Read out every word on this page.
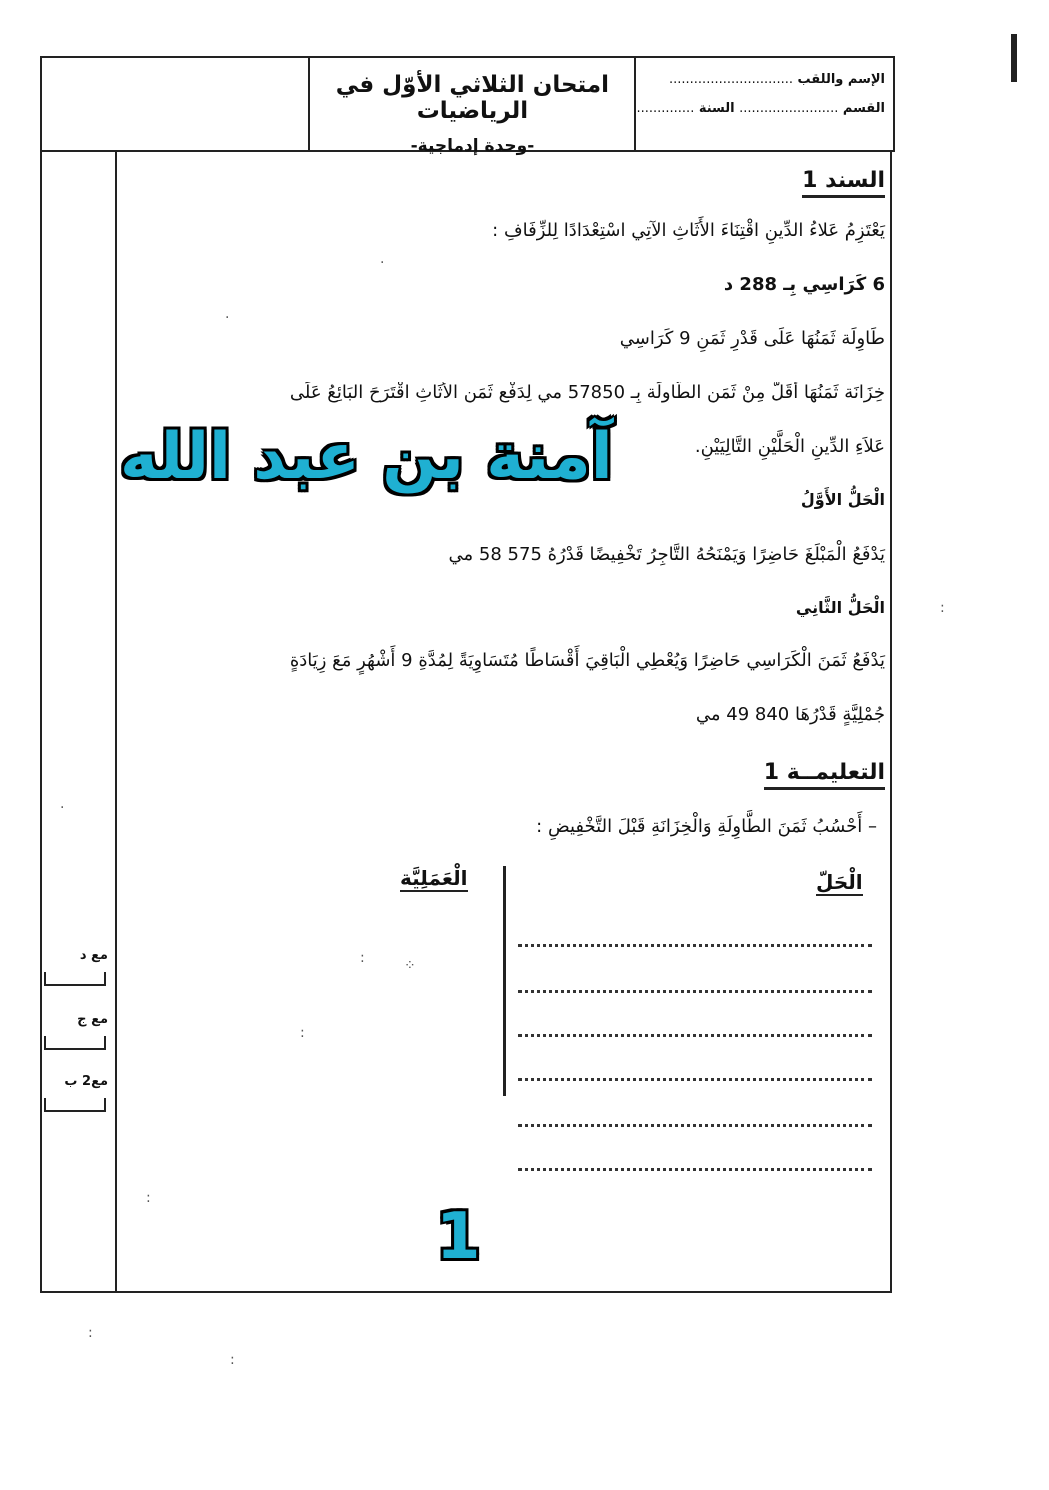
امتحان الثلاثي الأوّل في الرياضيات
-وحدة إدماجية-
الإسم واللقب ..............................
القسم ........................ السنة ..............
السند 1
يَعْتَزِمُ عَلاءُ الدِّينِ اقْتِنَاءَ الأَثَاثِ الآتِي اسْتِعْدَادًا لِلزِّفَافِ :
6 كَرَاسِي بِـ 288 د
طَاوِلَة ثَمَنُهَا عَلَى قَدْرِ ثَمَنِ 9 كَرَاسِي
خِزَانَة ثَمَنُهَا أَقَلُّ مِنْ ثَمَنِ الطَّاوِلَة بِـ 57850 مي لِدَفْعِ ثَمَنِ الأَثَاثِ اقْتَرَحَ البَائِعُ عَلَى
عَلاَءِ الدِّينِ الْحَلَّيْنِ التَّالِيَيْنِ.
الْحَلُّ الأَوَّلُ
يَدْفَعُ الْمَبْلَغَ حَاضِرًا وَيَمْنَحُهُ التَّاجِرُ تَخْفِيضًا قَدْرُهُ 575 58 مي
الْحَلُّ الثَّانِي
يَدْفَعُ ثَمَنَ الْكَرَاسِي حَاضِرًا وَيُعْطِي الْبَاقِيَ أَقْسَاطًا مُتَسَاوِيَةً لِمُدَّةِ 9 أَشْهُرٍ مَعَ زِيَادَةٍ
جُمْلِيَّةٍ قَدْرُهَا 840 49 مي
التعليمــة 1
– أَحْسُبُ ثَمَنَ الطَّاوِلَةِ وَالْخِزَانَةِ قَبْلَ التَّخْفِيضِ :
آمنة بن عبد الله
الْحَلّ
الْعَمَلِيَّة
مع د
مع ج
مع2 ب
1
·
·
:	⁘
:
:
:
:
:
·
